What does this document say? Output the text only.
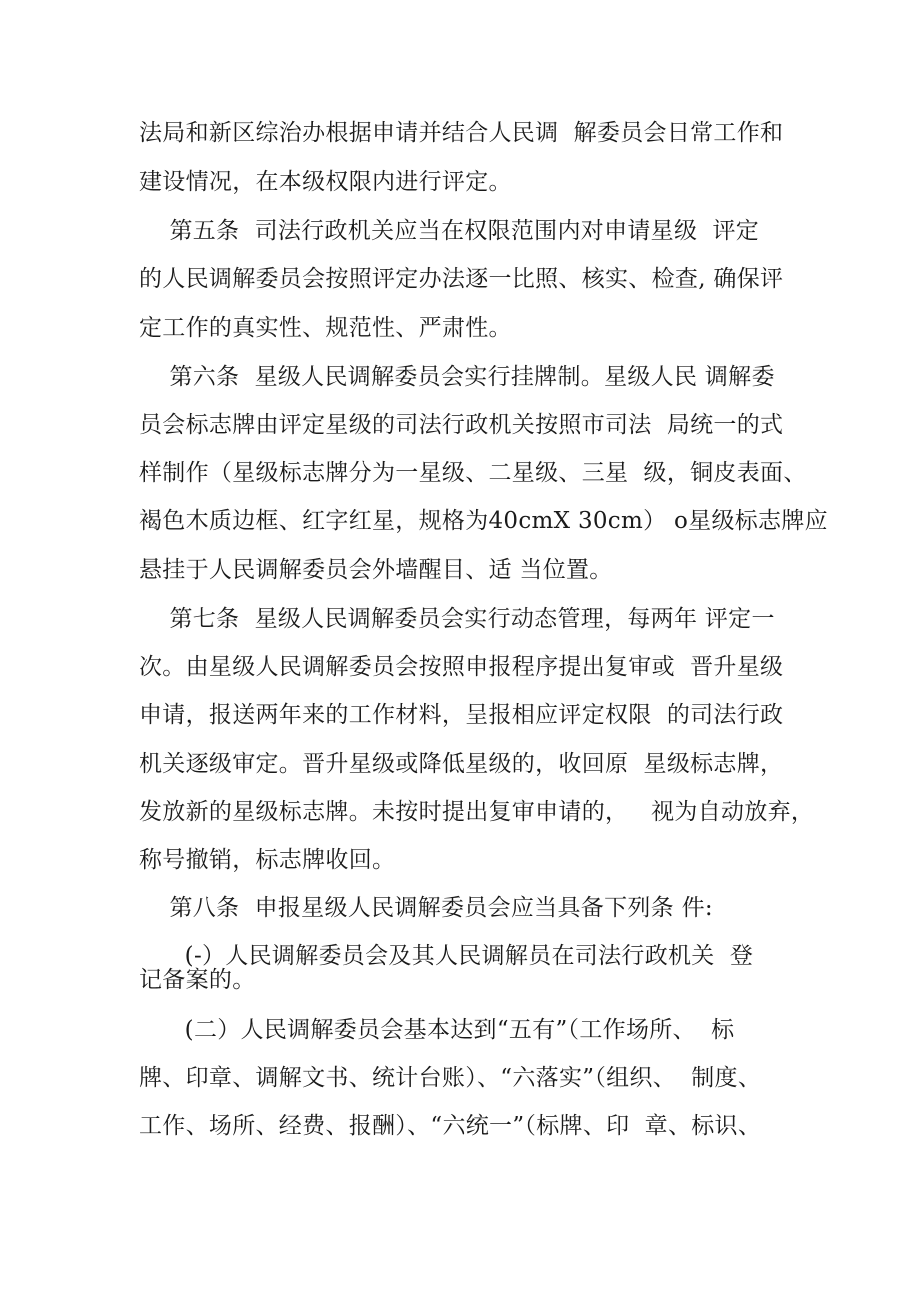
法局和新区综治办根据申请并结合人民调  解委员会日常工作和
建设情况，在本级权限内进行评定。
第五条  司法行政机关应当在权限范围内对申请星级  评定
的人民调解委员会按照评定办法逐一比照、核实、检查, 确保评
定工作的真实性、规范性、严肃性。
第六条  星级人民调解委员会实行挂牌制。星级人民 调解委
员会标志牌由评定星级的司法行政机关按照市司法  局统一的式
样制作（星级标志牌分为一星级、二星级、三星  级，铜皮表面、
褐色木质边框、红字红星，规格为40cmX 30cm） o星级标志牌应
悬挂于人民调解委员会外墙醒目、适 当位置。
第七条  星级人民调解委员会实行动态管理，每两年 评定一
次。由星级人民调解委员会按照申报程序提出复审或  晋升星级
申请，报送两年来的工作材料，呈报相应评定权限  的司法行政
机关逐级审定。晋升星级或降低星级的，收回原  星级标志牌，
发放新的星级标志牌。未按时提出复审申请的，   视为自动放弃，
称号撤销，标志牌收回。
第八条  申报星级人民调解委员会应当具备下列条 件:
(-）人民调解委员会及其人民调解员在司法行政机关  登
记备案的。
(二）人民调解委员会基本达到“五有”（工作场所、  标
牌、印章、调解文书、统计台账）、“六落实”（组织、  制度、
工作、场所、经费、报酬）、“六统一”（标牌、印  章、标识、
